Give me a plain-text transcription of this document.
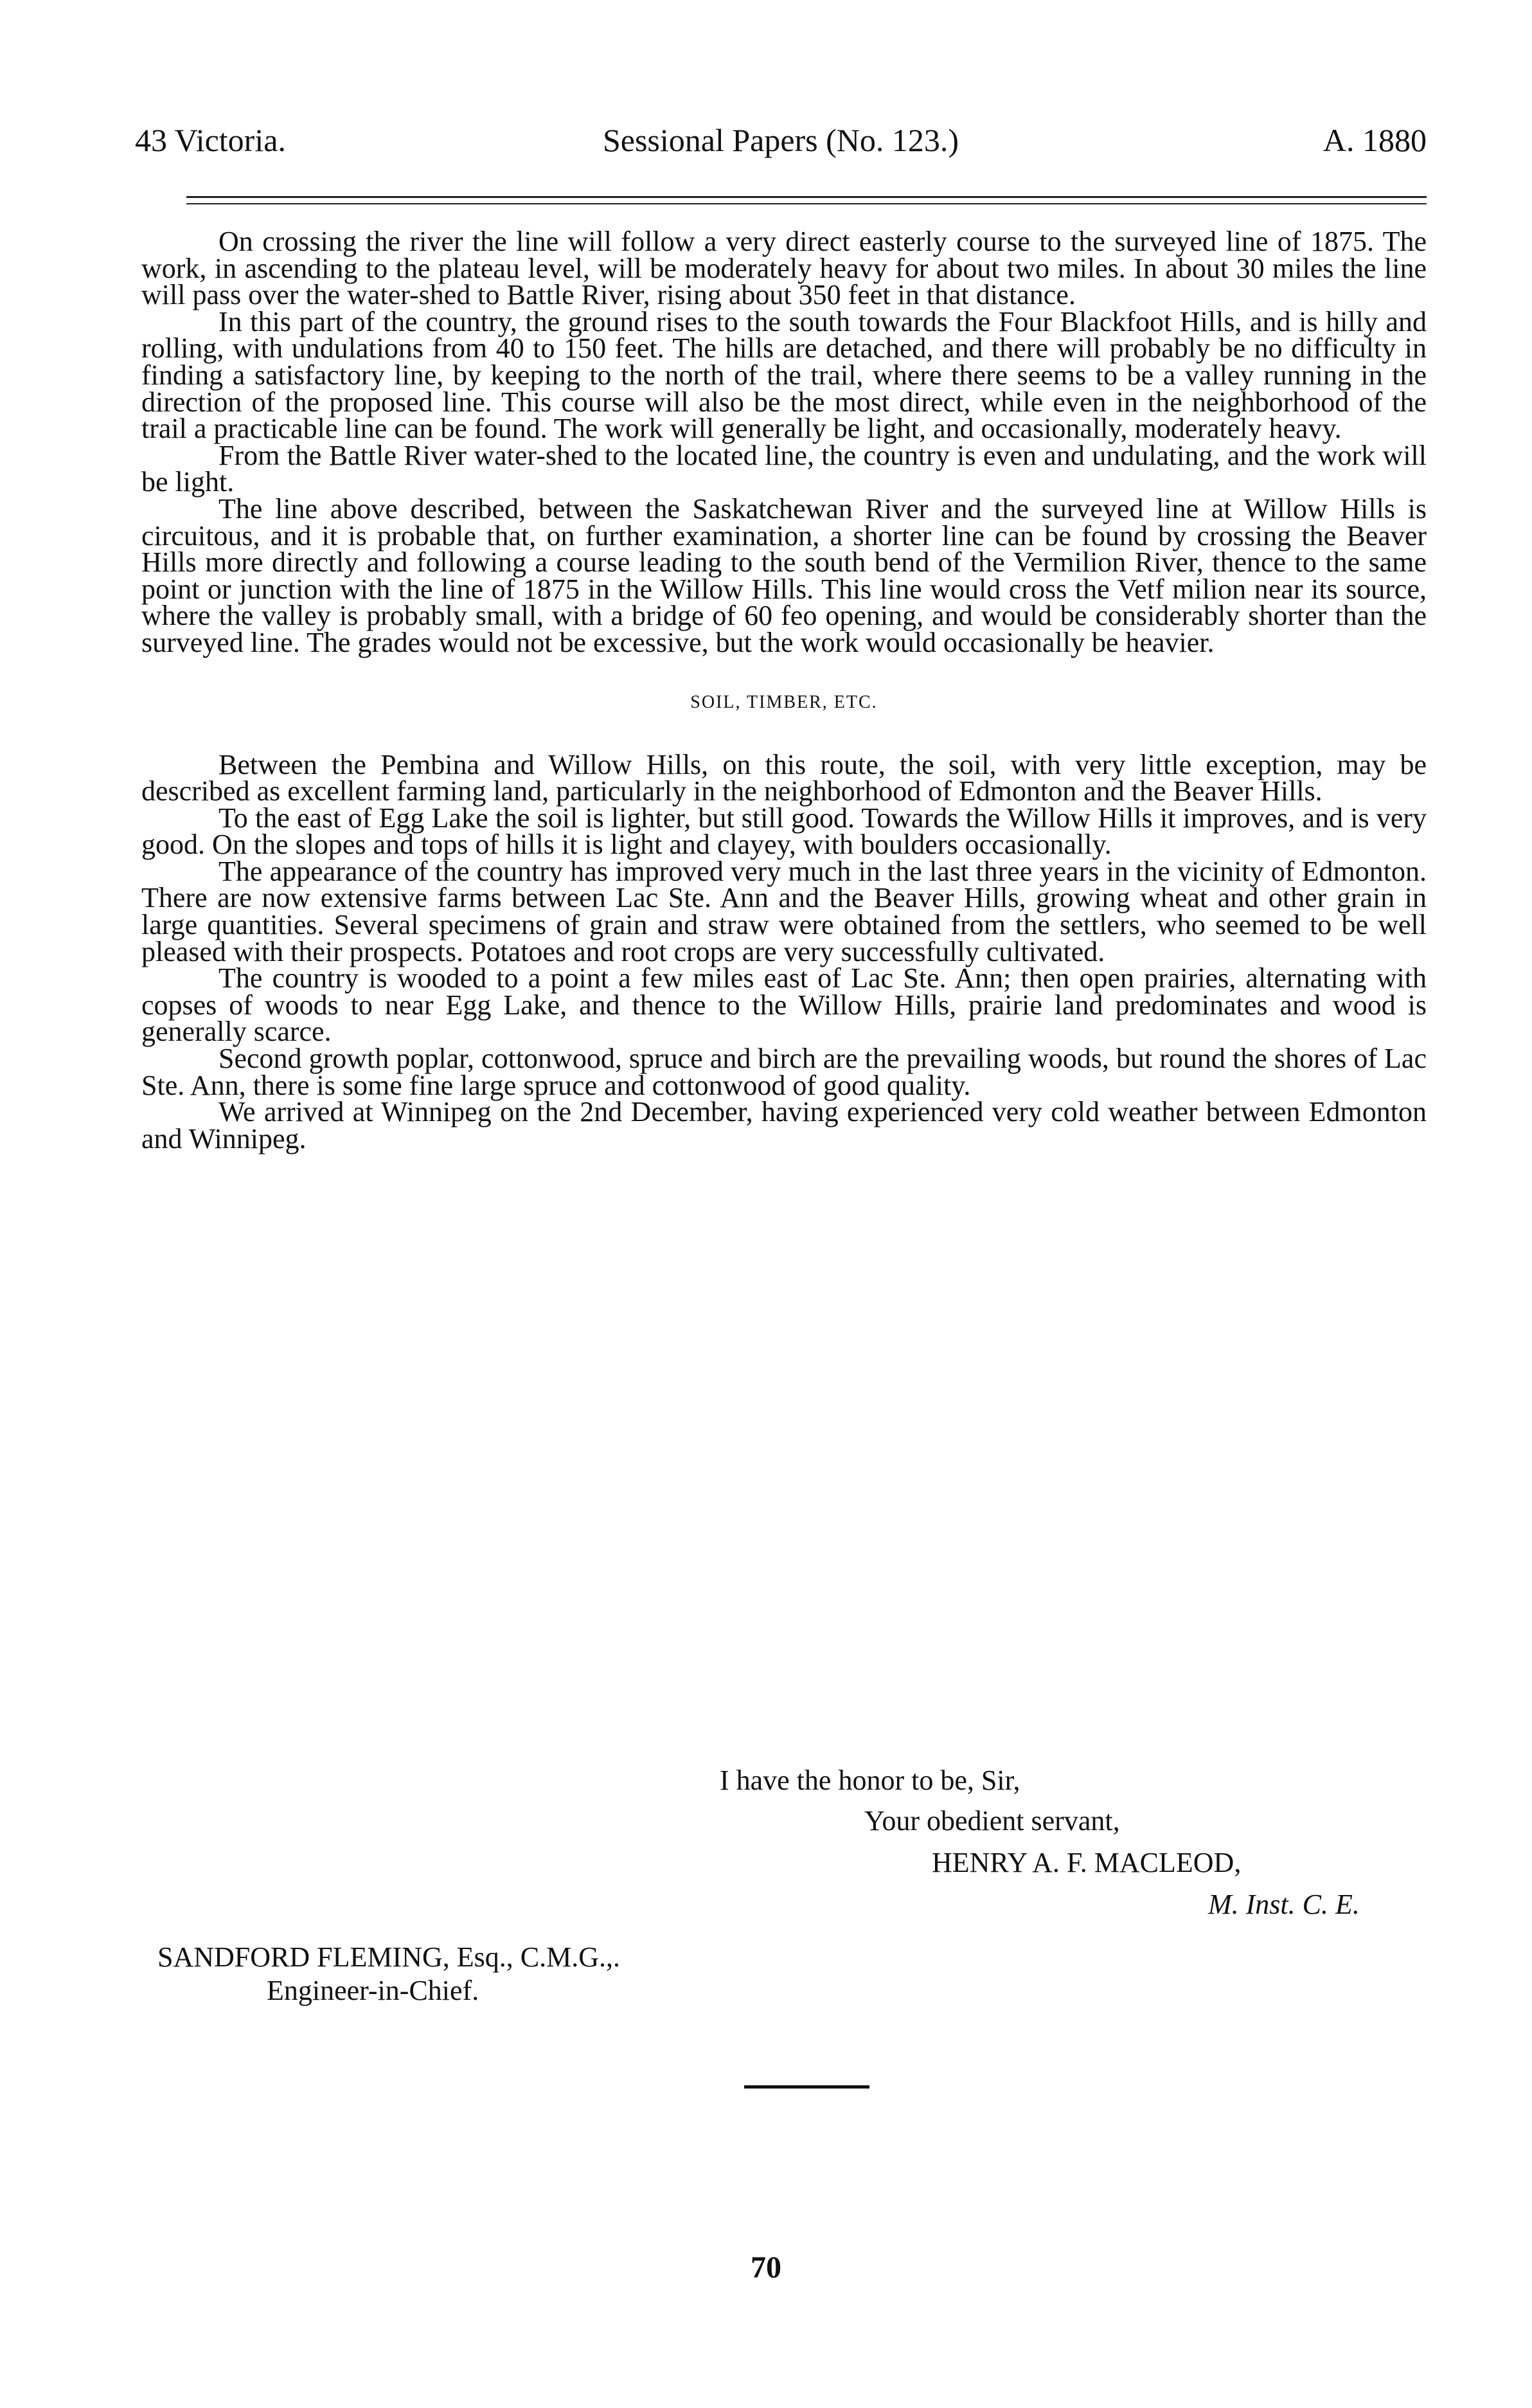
43 Victoria.	Sessional Papers (No. 123.)	A. 1880

On crossing the river the line will follow a very direct easterly course to the surveyed line of 1875. The work, in ascending to the plateau level, will be moderately heavy for about two miles. In about 30 miles the line will pass over the water-shed to Battle River, rising about 350 feet in that distance.

In this part of the country, the ground rises to the south towards the Four Blackfoot Hills, and is hilly and rolling, with undulations from 40 to 150 feet. The hills are detached, and there will probably be no difficulty in finding a satisfactory line, by keeping to the north of the trail, where there seems to be a valley running in the direction of the proposed line. This course will also be the most direct, while even in the neighborhood of the trail a practicable line can be found. The work will generally be light, and occasionally, moderately heavy.

From the Battle River water-shed to the located line, the country is even and undulating, and the work will be light.

The line above described, between the Saskatchewan River and the surveyed line at Willow Hills is circuitous, and it is probable that, on further examination, a shorter line can be found by crossing the Beaver Hills more directly and following a course leading to the south bend of the Vermilion River, thence to the same point or junction with the line of 1875 in the Willow Hills. This line would cross the Vetf milion near its source, where the valley is probably small, with a bridge of 60 feo opening, and would be considerably shorter than the surveyed line. The grades would not be excessive, but the work would occasionally be heavier.

SOIL, TIMBER, ETC.

Between the Pembina and Willow Hills, on this route, the soil, with very little exception, may be described as excellent farming land, particularly in the neighborhood of Edmonton and the Beaver Hills.

To the east of Egg Lake the soil is lighter, but still good. Towards the Willow Hills it improves, and is very good. On the slopes and tops of hills it is light and clayey, with boulders occasionally.

The appearance of the country has improved very much in the last three years in the vicinity of Edmonton. There are now extensive farms between Lac Ste. Ann and the Beaver Hills, growing wheat and other grain in large quantities. Several specimens of grain and straw were obtained from the settlers, who seemed to be well pleased with their prospects. Potatoes and root crops are very successfully cultivated.

The country is wooded to a point a few miles east of Lac Ste. Ann; then open prairies, alternating with copses of woods to near Egg Lake, and thence to the Willow Hills, prairie land predominates and wood is generally scarce.

Second growth poplar, cottonwood, spruce and birch are the prevailing woods, but round the shores of Lac Ste. Ann, there is some fine large spruce and cottonwood of good quality.

We arrived at Winnipeg on the 2nd December, having experienced very cold weather between Edmonton and Winnipeg.

I have the honor to be, Sir,
Your obedient servant,
HENRY A. F. MACLEOD,
M. Inst. C. E.
SANDFORD FLEMING, Esq., C.M.G.,.
Engineer-in-Chief.
70
